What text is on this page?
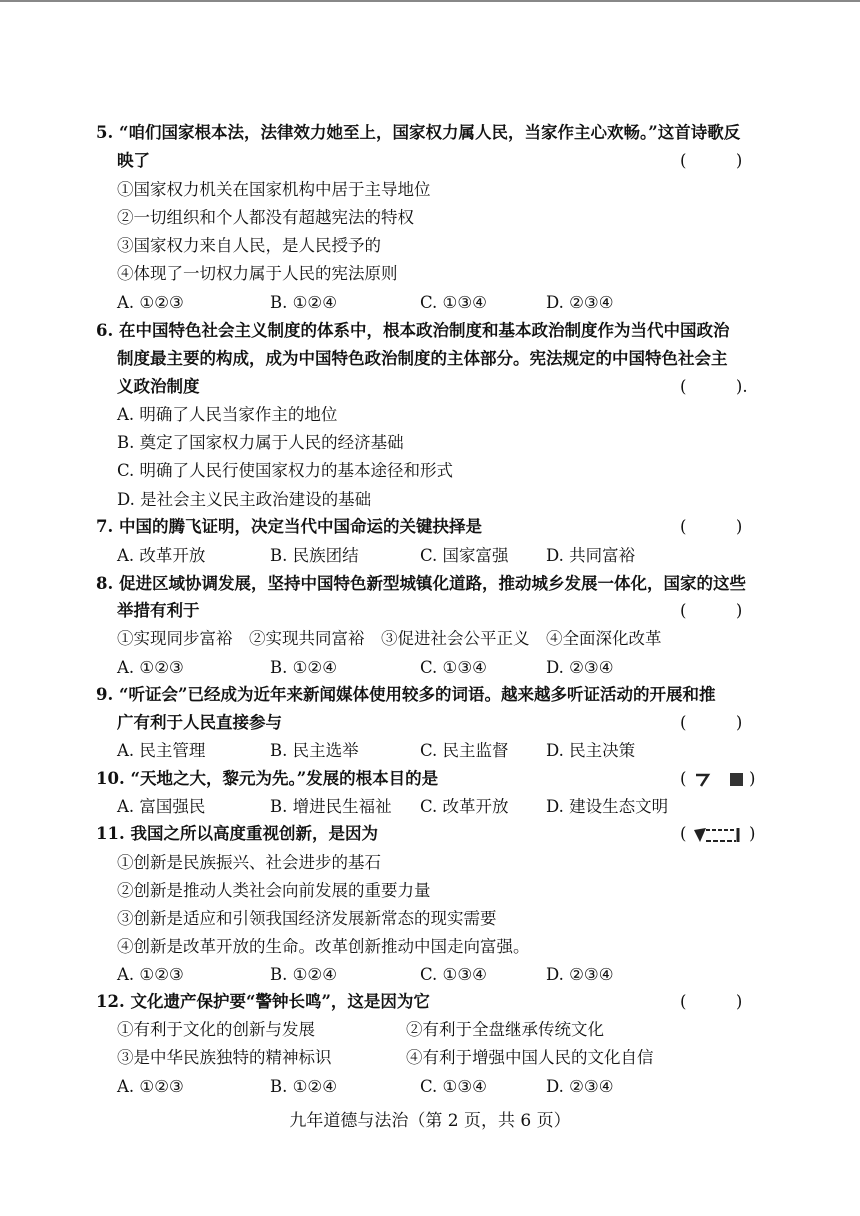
5. “咱们国家根本法，法律效力她至上，国家权力属人民，当家作主心欢畅。”这首诗歌反
映了	(　　　)
①国家权力机关在国家机构中居于主导地位
②一切组织和个人都没有超越宪法的特权
③国家权力来自人民，是人民授予的
④体现了一切权力属于人民的宪法原则
A. ①②③	B. ①②④	C. ①③④	D. ②③④
6. 在中国特色社会主义制度的体系中，根本政治制度和基本政治制度作为当代中国政治
制度最主要的构成，成为中国特色政治制度的主体部分。宪法规定的中国特色社会主
义政治制度	(　　　).
A. 明确了人民当家作主的地位
B. 奠定了国家权力属于人民的经济基础
C. 明确了人民行使国家权力的基本途径和形式
D. 是社会主义民主政治建设的基础
7. 中国的腾飞证明，决定当代中国命运的关键抉择是	(　　　)
A. 改革开放	B. 民族团结	C. 国家富强 D. 共同富裕
8. 促进区域协调发展，坚持中国特色新型城镇化道路，推动城乡发展一体化，国家的这些
举措有利于	(　　　)
①实现同步富裕　②实现共同富裕　③促进社会公平正义　④全面深化改革
A. ①②③	B. ①②④	C. ①③④	D. ②③④
9. “听证会”已经成为近年来新闻媒体使用较多的词语。越来越多听证活动的开展和推
广有利于人民直接参与	(　　　)
A. 民主管理	B. 民主选举	C. 民主监督 D. 民主决策
10. “天地之大，黎元为先。”发展的根本目的是	(	)
A. 富国强民	B. 增进民生福祉 C. 改革开放 D. 建设生态文明
11. 我国之所以高度重视创新，是因为	(	)
①创新是民族振兴、社会进步的基石
②创新是推动人类社会向前发展的重要力量
③创新是适应和引领我国经济发展新常态的现实需要
④创新是改革开放的生命。改革创新推动中国走向富强。
A. ①②③	B. ①②④	C. ①③④	D. ②③④
12. 文化遗产保护要“警钟长鸣”，这是因为它	(　　　)
①有利于文化的创新与发展	②有利于全盘继承传统文化
③是中华民族独特的精神标识	④有利于增强中国人民的文化自信
A. ①②③	B. ①②④	C. ①③④	D. ②③④
九年道德与法治（第 2 页，共 6 页）
